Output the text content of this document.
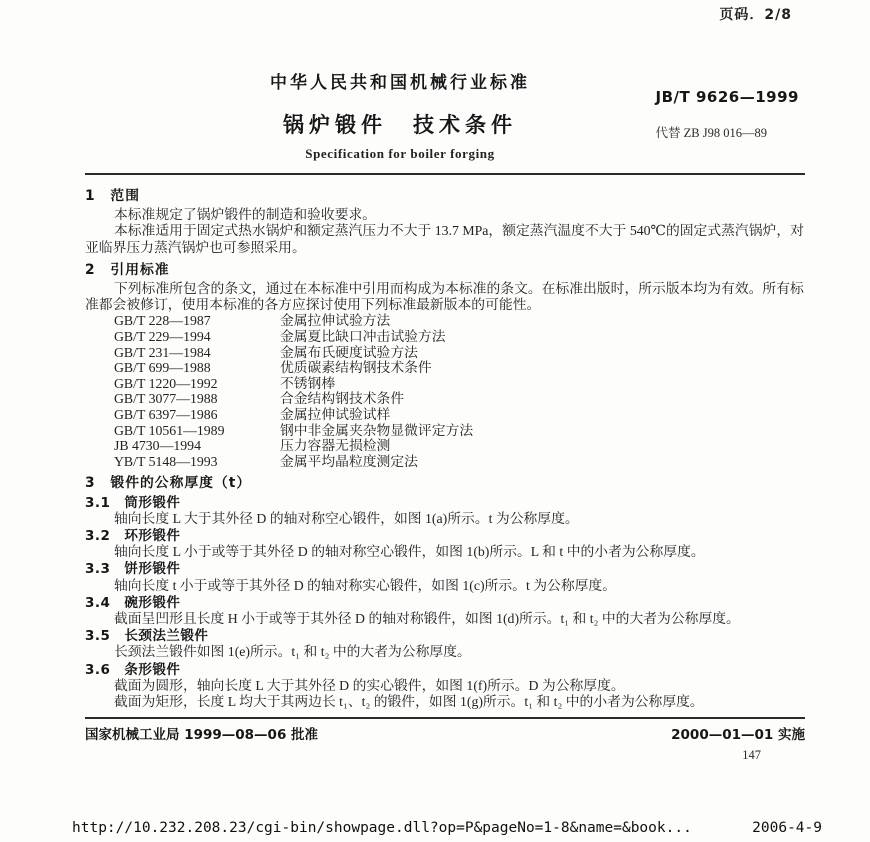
页码．2/8
中华人民共和国机械行业标准
锅炉锻件　技术条件
Specification for boiler forging
JB/T 9626—1999
代替 ZB J98 016—89
1　范围

本标准规定了锅炉锻件的制造和验收要求。

本标准适用于固定式热水锅炉和额定蒸汽压力不大于 13.7 MPa，额定蒸汽温度不大于 540℃的固定式蒸汽锅炉，对亚临界压力蒸汽锅炉也可参照采用。

2　引用标准

下列标准所包含的条文，通过在本标准中引用而构成为本标准的条文。在标准出版时，所示版本均为有效。所有标准都会被修订，使用本标准的各方应探讨使用下列标准最新版本的可能性。

GB/T 228—1987	金属拉伸试验方法
GB/T 229—1994	金属夏比缺口冲击试验方法
GB/T 231—1984	金属布氏硬度试验方法
GB/T 699—1988	优质碳素结构钢技术条件
GB/T 1220—1992	不锈钢棒
GB/T 3077—1988	合金结构钢技术条件
GB/T 6397—1986	金属拉伸试验试样
GB/T 10561—1989	钢中非金属夹杂物显微评定方法
JB 4730—1994	压力容器无损检测
YB/T 5148—1993	金属平均晶粒度测定法
3　锻件的公称厚度（t）
3.1　筒形锻件

轴向长度 L 大于其外径 D 的轴对称空心锻件，如图 1(a)所示。t 为公称厚度。

3.2　环形锻件

轴向长度 L 小于或等于其外径 D 的轴对称空心锻件，如图 1(b)所示。L 和 t 中的小者为公称厚度。

3.3　饼形锻件

轴向长度 t 小于或等于其外径 D 的轴对称实心锻件，如图 1(c)所示。t 为公称厚度。

3.4　碗形锻件

截面呈凹形且长度 H 小于或等于其外径 D 的轴对称锻件，如图 1(d)所示。t₁ 和 t₂ 中的大者为公称厚度。

3.5　长颈法兰锻件

长颈法兰锻件如图 1(e)所示。t₁ 和 t₂ 中的大者为公称厚度。

3.6　条形锻件

截面为圆形，轴向长度 L 大于其外径 D 的实心锻件，如图 1(f)所示。D 为公称厚度。

截面为矩形，长度 L 均大于其两边长 t₁、t₂ 的锻件，如图 1(g)所示。t₁ 和 t₂ 中的小者为公称厚度。

国家机械工业局 1999—08—06 批准	2000—01—01 实施
147
http://10.232.208.23/cgi-bin/showpage.dll?op=P&pageNo=1-8&name=&book...	2006-4-9
